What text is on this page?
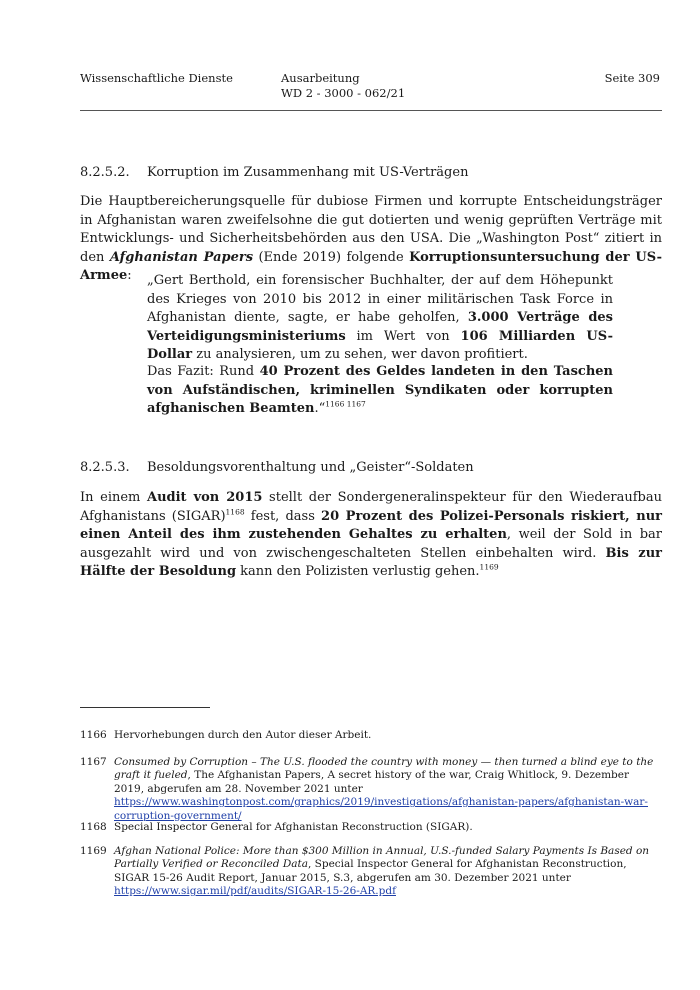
Wissenschaftliche Dienste	Ausarbeitung
WD 2 - 3000 - 062/21
Seite 309
8.2.5.2. Korruption im Zusammenhang mit US-Verträgen
Die Hauptbereicherungsquelle für dubiose Firmen und korrupte Entscheidungsträger in Afghanistan waren zweifelsohne die gut dotierten und wenig geprüften Verträge mit Entwicklungs- und Sicherheitsbehörden aus den USA. Die „Washington Post“ zitiert in den Afghanistan Papers (Ende 2019) folgende Korruptionsuntersuchung der US-Armee:	„Gert Berthold, ein forensischer Buchhalter, der auf dem Höhepunkt des Krieges von 2010 bis 2012 in einer militärischen Task Force in Afghanistan diente, sagte, er habe geholfen, 3.000 Verträge des Verteidigungsministeriums im Wert von 106 Milliarden US-Dollar zu analysieren, um zu sehen, wer davon profitiert.
Das Fazit: Rund 40 Prozent des Geldes landeten in den Taschen von Aufständischen, kriminellen Syndikaten oder korrupten afghanischen Beamten.“$^{1166 1167}$
8.2.5.3. Besoldungsvorenthaltung und „Geister“-Soldaten
In einem Audit von 2015 stellt der Sondergeneralinspekteur für den Wiederaufbau Afghanistans (SIGAR)$^{1168}$ fest, dass 20 Prozent des Polizei-Personals riskiert, nur einen Anteil des ihm zustehenden Gehaltes zu erhalten, weil der Sold in bar ausgezahlt wird und von zwischengeschalteten Stellen einbehalten wird. Bis zur Hälfte der Besoldung kann den Polizisten verlustig gehen.$^{1169}$
1166 Hervorhebungen durch den Autor dieser Arbeit.
1167 Consumed by Corruption – The U.S. flooded the country with money — then turned a blind eye to the graft it fueled, The Afghanistan Papers, A secret history of the war, Craig Whitlock, 9. Dezember 2019, abgerufen am 28. November 2021 unter https://www.washingtonpost.com/graphics/2019/investigations/afghanistan-papers/afghanistan-war-corruption-government/
1168 Special Inspector General for Afghanistan Reconstruction (SIGAR).
1169 Afghan National Police: More than $300 Million in Annual, U.S.-funded Salary Payments Is Based on Partially Verified or Reconciled Data, Special Inspector General for Afghanistan Reconstruction, SIGAR 15-26 Audit Report, Januar 2015, S.3, abgerufen am 30. Dezember 2021 unter https://www.sigar.mil/pdf/audits/SIGAR-15-26-AR.pdf
